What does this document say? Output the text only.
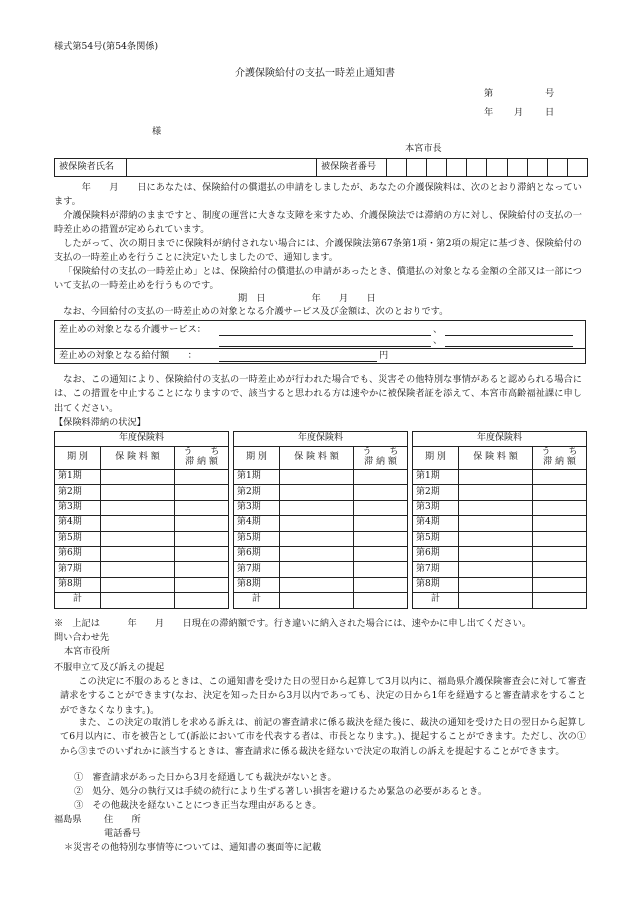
様式第54号(第54条関係)
介護保険給付の支払一時差止通知書
第	号
年 月 日
様
本宮市長
被保険者氏名		被保険者番号										

年　　月　　日にあなたは、保険給付の償還払の申請をしましたが、あなたの介護保険料は、次のとおり滞納となっています。

介護保険料が滞納のままですと、制度の運営に大きな支障を来すため、介護保険法では滞納の方に対し、保険給付の支払の一時差止めの措置が定められています。

したがって、次の期日までに保険料が納付されない場合には、介護保険法第67条第1項・第2項の規定に基づき、保険給付の支払の一時差止めを行うことに決定いたしましたので、通知します。

「保険給付の支払の一時差止め」とは、保険給付の償還払の申請があったとき、償還払の対象となる金額の全部又は一部について支払の一時差止めを行うものです。

期　日　　　　　年　　月　　日

なお、今回給付の支払の一時差止めの対象となる介護サービス及び金額は、次のとおりです。

差止めの対象となる介護サービス：	、
、
差止めの対象となる給付額　　：	円

なお、この通知により、保険給付の支払の一時差止めが行われた場合でも、災害その他特別な事情があると認められる場合には、この措置を中止することになりますので、該当すると思われる方は速やかに被保険者証を添えて、本宮市高齢福祉課に申し出てください。

【保険料滞納の状況】
年度保険料		
期 別	保 険 料 額	う　　ち
滞 納 額
第1期		
第2期		
第3期		
第4期		
第5期		
第6期		
第7期		
第8期		
計		
年度保険料		
期 別	保 険 料 額	う　　ち
滞 納 額
第1期		
第2期		
第3期		
第4期		
第5期		
第6期		
第7期		
第8期		
計		
年度保険料		
期 別	保 険 料 額	う　　ち
滞 納 額
第1期		
第2期		
第3期		
第4期		
第5期		
第6期		
第7期		
第8期		
計		
※　上記は　　　年　　月　　日現在の滞納額です。行き違いに納入された場合には、速やかに申し出てください。
問い合わせ先
本宮市役所
不服申立て及び訴えの提起

この決定に不服のあるときは、この通知書を受けた日の翌日から起算して3月以内に、福島県介護保険審査会に対して審査請求をすることができます(なお、決定を知った日から3月以内であっても、決定の日から1年を経過すると審査請求をすることができなくなります。)。

また、この決定の取消しを求める訴えは、前記の審査請求に係る裁決を経た後に、裁決の通知を受けた日の翌日から起算して6月以内に、市を被告として(訴訟において市を代表する者は、市長となります。)、提起することができます。ただし、次の①から③までのいずれかに該当するときは、審査請求に係る裁決を経ないで決定の取消しの訴えを提起することができます。

①　審査請求があった日から3月を経過しても裁決がないとき。
②　処分、処分の執行又は手続の続行により生ずる著しい損害を避けるため緊急の必要があるとき。
③　その他裁決を経ないことにつき正当な理由があるとき。
福島県 住　　所
電話番号
＊災害その他特別な事情等については、通知書の裏面等に記載
